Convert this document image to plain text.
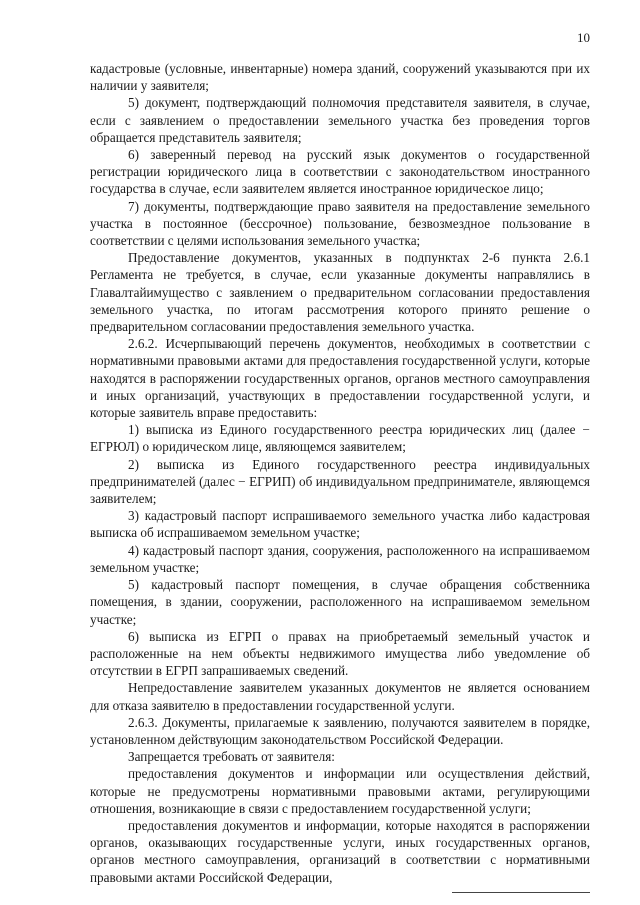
10

кадастровые (условные, инвентарные) номера зданий, сооружений указываются при их наличии у заявителя;

5) документ, подтверждающий полномочия представителя заявителя, в случае, если с заявлением о предоставлении земельного участка без проведения торгов обращается представитель заявителя;

6) заверенный перевод на русский язык документов о государственной регистрации юридического лица в соответствии с законодательством иностранного государства в случае, если заявителем является иностранное юридическое лицо;

7) документы, подтверждающие право заявителя на предоставление земельного участка в постоянное (бессрочное) пользование, безвозмездное пользование в соответствии с целями использования земельного участка;

Предоставление документов, указанных в подпунктах 2-6 пункта 2.6.1 Регламента не требуется, в случае, если указанные документы направлялись в Главалтайимущество с заявлением о предварительном согласовании предоставления земельного участка, по итогам рассмотрения которого принято решение о предварительном согласовании предоставления земельного участка.

2.6.2. Исчерпывающий перечень документов, необходимых в соответствии с нормативными правовыми актами для предоставления государственной услуги, которые находятся в распоряжении государственных органов, органов местного самоуправления и иных организаций, участвующих в предоставлении государственной услуги, и которые заявитель вправе предоставить:

1) выписка из Единого государственного реестра юридических лиц (далее − ЕГРЮЛ) о юридическом лице, являющемся заявителем;

2) выписка из Единого государственного реестра индивидуальных предпринимателей (далес − ЕГРИП) об индивидуальном предпринимателе, являющемся заявителем;

3) кадастровый паспорт испрашиваемого земельного участка либо кадастровая выписка об испрашиваемом земельном участке;

4) кадастровый паспорт здания, сооружения, расположенного на испрашиваемом земельном участке;

5) кадастровый паспорт помещения, в случае обращения собственника помещения, в здании, сооружении, расположенного на испрашиваемом земельном участке;

6) выписка из ЕГРП о правах на приобретаемый земельный участок и расположенные на нем объекты недвижимого имущества либо уведомление об отсутствии в ЕГРП запрашиваемых сведений.

Непредоставление заявителем указанных документов не является основанием для отказа заявителю в предоставлении государственной услуги.

2.6.3. Документы, прилагаемые к заявлению, получаются заявителем в порядке, установленном действующим законодательством Российской Федерации.

Запрещается требовать от заявителя:

предоставления документов и информации или осуществления действий, которые не предусмотрены нормативными правовыми актами, регулирующими отношения, возникающие в связи с предоставлением государственной услуги;

предоставления документов и информации, которые находятся в распоряжении органов, оказывающих государственные услуги, иных государственных органов, органов местного самоуправления, организаций в соответствии с нормативными правовыми актами Российской Федерации,
